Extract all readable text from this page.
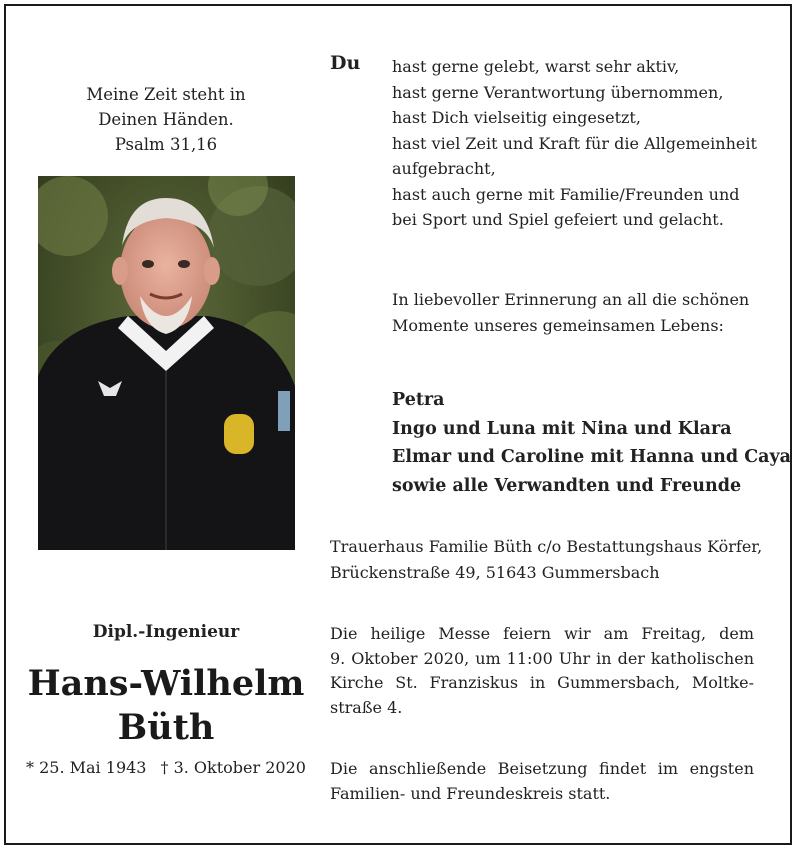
Meine Zeit steht in
Deinen Händen.
Psalm 31,16
Dipl.-Ingenieur
Hans-Wilhelm
Büth
* 25. Mai 1943 † 3. Oktober 2020
Du hast gerne gelebt, warst sehr aktiv,
hast gerne Verantwortung übernommen,
hast Dich vielseitig eingesetzt,
hast viel Zeit und Kraft für die Allgemeinheit
aufgebracht,
hast auch gerne mit Familie/Freunden und
bei Sport und Spiel gefeiert und gelacht.
In liebevoller Erinnerung an all die schönen
Momente unseres gemeinsamen Lebens:
Petra
Ingo und Luna mit Nina und Klara
Elmar und Caroline mit Hanna und Caya
sowie alle Verwandten und Freunde
Trauerhaus Familie Büth c/o Bestattungshaus Körfer,
Brückenstraße 49, 51643 Gummersbach
Die heilige Messe feiern wir am Freitag, dem
9. Oktober 2020, um 11:00 Uhr in der katholischen
Kirche St. Franziskus in Gummersbach, Moltke-
straße 4.
Die anschließende Beisetzung findet im engsten
Familien- und Freundeskreis statt.
